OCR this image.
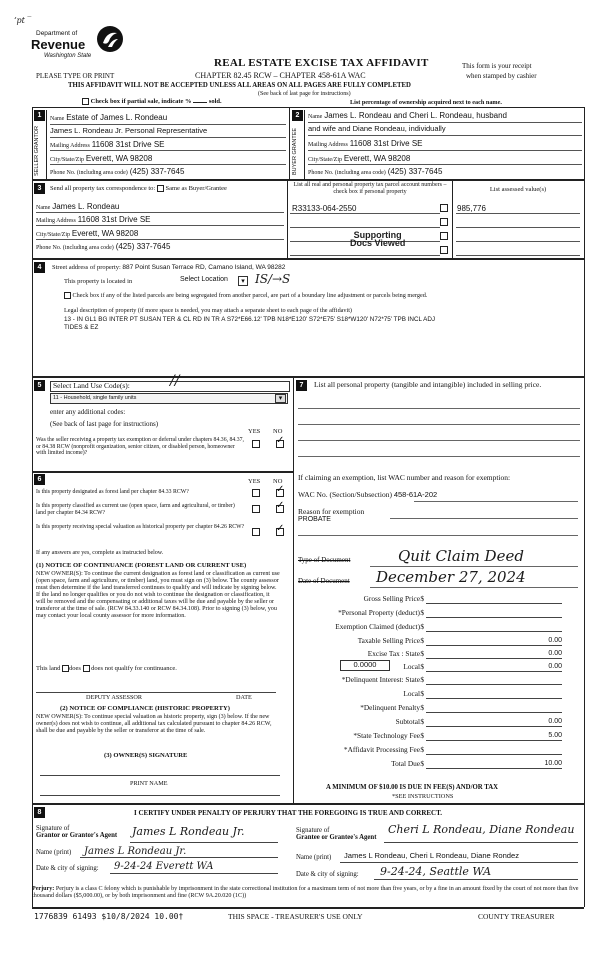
‘pt ‾
Department of
Revenue
Washington State
PLEASE TYPE OR PRINT
REAL ESTATE EXCISE TAX AFFIDAVIT
CHAPTER 82.45 RCW – CHAPTER 458-61A WAC
(See back of last page for instructions)
THIS AFFIDAVIT WILL NOT BE ACCEPTED UNLESS ALL AREAS ON ALL PAGES ARE FULLY COMPLETED
This form is your receipt
when stamped by cashier
Check box if partial sale, indicate %	sold.	List percentage of ownership acquired next to each name.
1
SELLER GRANTOR
Name Estate of James L. Rondeau
James L. Rondeau Jr. Personal Representative
Mailing Address 11608 31st Drive SE
City/State/Zip Everett, WA 98208
Phone No. (including area code) (425) 337-7645
2
BUYER GRANTEE
Name James L. Rondeau and Cheri L. Rondeau, husband
and wife and Diane Rondeau, individually
Mailing Address 11608 31st Drive SE
City/State/Zip Everett, WA 98208
Phone No. (including area code) (425) 337-7645
3	Send all property tax correspondence to: Same as Buyer/Grantee	List all real and personal property tax parcel account numbers – check box if personal property	List assessed value(s)
Name James L. Rondeau
Mailing Address 11608 31st Drive SE
City/State/Zip Everett, WA 98208
Phone No. (including area code) (425) 337-7645
R33133-064-2550
Supporting
Docs Viewed
985,776
4	Street address of property: 887 Point Susan Terrace RD, Camano Island, WA 98282
This property is located in	Select Location	▾ IS/→S
Check box if any of the listed parcels are being segregated from another parcel, are part of a boundary line adjustment or parcels being merged.
Legal description of property (if more space is needed, you may attach a separate sheet to each page of the affidavit)
13 - IN GL1 BG INTER PT SUSAN TER & CL RD IN TR A S72*E66.12' TPB N18*E120' S72*E75' S18*W120' N72*75' TPB INCL ADJ
TIDES & EZ
5	Select Land Use Code(s):	//
11 - Household, single family units	▾
enter any additional codes:
(See back of last page for instructions)
YES NO
Was the seller receiving a property tax exemption or deferral under chapters 84.36, 84.37, or 84.38 RCW (nonprofit organization, senior citizen, or disabled person, homeowner with limited income)?
✓
6	YES NO
Is this property designated as forest land per chapter 84.33 RCW?	✓
Is this property classified as current use (open space, farm and agricultural, or timber) land per chapter 84.34 RCW?
✓
Is this property receiving special valuation as historical property per chapter 84.26 RCW?	✓
If any answers are yes, complete as instructed below.
(1) NOTICE OF CONTINUANCE (FOREST LAND OR CURRENT USE)
NEW OWNER(S): To continue the current designation as forest land or classification as current use (open space, farm and agriculture, or timber) land, you must sign on (3) below. The county assessor must then determine if the land transferred continues to qualify and will indicate by signing below. If the land no longer qualifies or you do not wish to continue the designation or classification, it will be removed and the compensating or additional taxes will be due and payable by the seller or transferor at the time of sale. (RCW 84.33.140 or RCW 84.34.108). Prior to signing (3) below, you may contact your local county assessor for more information.
This land does does not qualify for continuance.
DEPUTY ASSESSOR	DATE
(2) NOTICE OF COMPLIANCE (HISTORIC PROPERTY)
NEW OWNER(S): To continue special valuation as historic property, sign (3) below. If the new owner(s) does not wish to continue, all additional tax calculated pursuant to chapter 84.26 RCW, shall be due and payable by the seller or transferor at the time of sale.
(3) OWNER(S) SIGNATURE
PRINT NAME
7	List all personal property (tangible and intangible) included in selling price.
If claiming an exemption, list WAC number and reason for exemption:
WAC No. (Section/Subsection) 458-61A-202
Reason for exemption
PROBATE
Type of Document	Quit Claim Deed
Date of Document December 27, 2024
Gross Selling Price $
*Personal Property (deduct) $
Exemption Claimed (deduct) $
Taxable Selling Price $	0.00
Excise Tax : State $	0.00
0.0000	Local $	0.00
*Delinquent Interest: State $
Local $
*Delinquent Penalty $
Subtotal $	0.00
*State Technology Fee $	5.00
*Affidavit Processing Fee $
Total Due $	10.00
A MINIMUM OF $10.00 IS DUE IN FEE(S) AND/OR TAX
*SEE INSTRUCTIONS
8	I CERTIFY UNDER PENALTY OF PERJURY THAT THE FOREGOING IS TRUE AND CORRECT.
Signature of
Grantor or Grantor's Agent James L Rondeau Jr.
Name (print) James L Rondeau Jr.
Date & city of signing: 9-24-24 Everett WA
Signature of
Grantee or Grantee's Agent
Cheri L Rondeau, Diane Rondeau
Name (print) James L Rondeau, Cheri L Rondeau, Diane Rondez
Date & city of signing: 9-24-24, Seattle WA
Perjury: Perjury is a class C felony which is punishable by imprisonment in the state correctional institution for a maximum term of not more than five years, or by a fine in an amount fixed by the court of not more than five thousand dollars ($5,000.00), or by both imprisonment and fine (RCW 9A.20.020 (1C))
1776839 61493 $10/8/2024 10.00†	THIS SPACE - TREASURER'S USE ONLY	COUNTY TREASURER
